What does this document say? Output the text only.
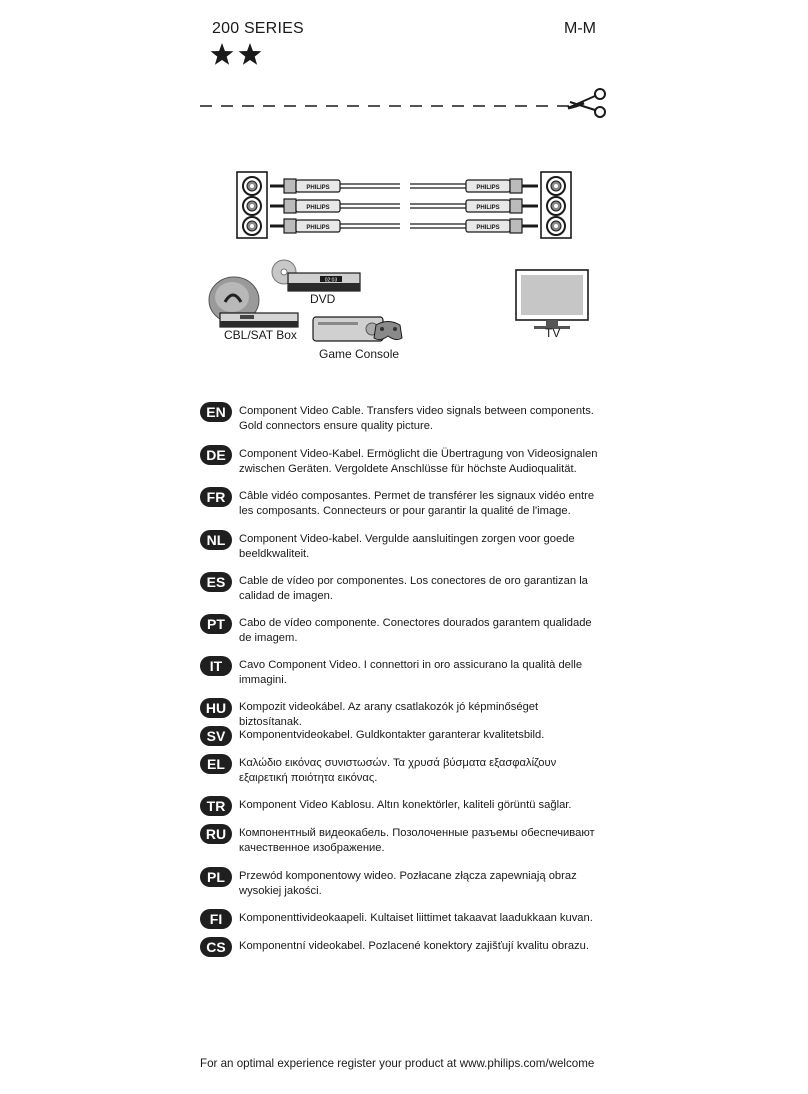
200 SERIES	M-M
PHILIPS	PHILIPS
PHILIPS	PHILIPS
PHILIPS	PHILIPS
02:03
DVD
CBL/SAT Box
Game Console
TV
EN	Component Video Cable. Transfers video signals between components. Gold connectors ensure quality picture.
DE	Component Video-Kabel. Ermöglicht die Übertragung von Videosignalen zwischen Geräten. Vergoldete Anschlüsse für höchste Audioqualität.
FR	Câble vidéo composantes. Permet de transférer les signaux vidéo entre les composants. Connecteurs or pour garantir la qualité de l'image.
NL	Component Video-kabel. Vergulde aansluitingen zorgen voor goede beeldkwaliteit.
ES	Cable de vídeo por componentes. Los conectores de oro garantizan la calidad de imagen.
PT	Cabo de vídeo componente. Conectores dourados garantem qualidade de imagem.
IT	Cavo Component Video. I connettori in oro assicurano la qualità delle immagini.
HU	Kompozit videokábel. Az arany csatlakozók jó képminőséget biztosítanak.
SV	Komponentvideokabel. Guldkontakter garanterar kvalitetsbild.
EL	Καλώδιο εικόνας συνιστωσών. Τα χρυσά βύσματα εξασφαλίζουν εξαιρετική ποιότητα εικόνας.
TR	Komponent Video Kablosu. Altın konektörler, kaliteli görüntü sağlar.
RU	Компонентный видеокабель. Позолоченные разъемы обеспечивают качественное изображение.
PL	Przewód komponentowy wideo. Pozłacane złącza zapewniają obraz wysokiej jakości.
FI	Komponenttivideokaapeli. Kultaiset liittimet takaavat laadukkaan kuvan.
CS	Komponentní videokabel. Pozlacené konektory zajišťují kvalitu obrazu.
For an optimal experience register your product at www.philips.com/welcome
